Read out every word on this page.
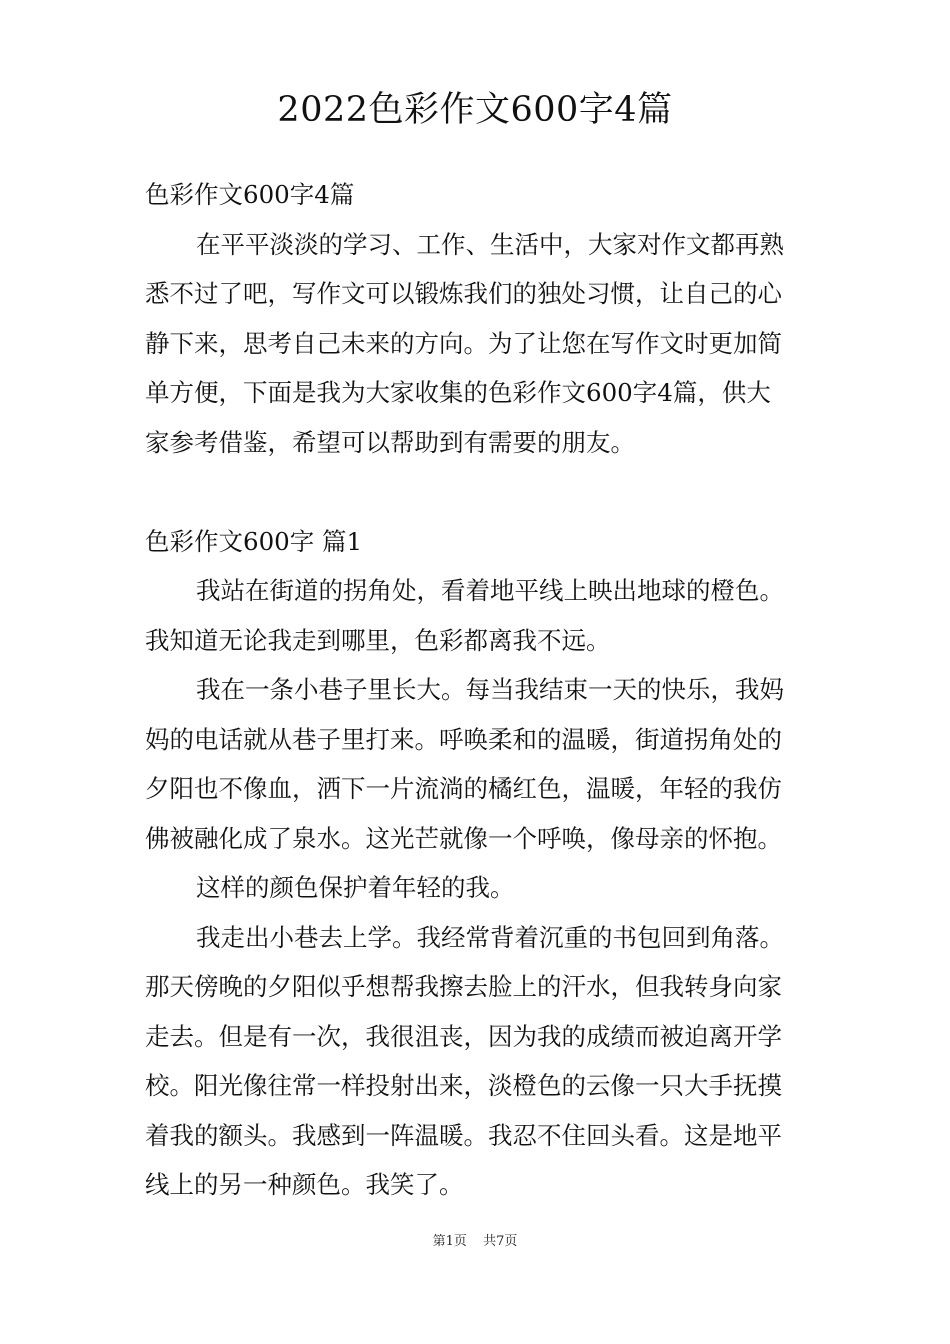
2022色彩作文600字4篇
色彩作文600字4篇
在平平淡淡的学习、工作、生活中，大家对作文都再熟
悉不过了吧，写作文可以锻炼我们的独处习惯，让自己的心
静下来，思考自己未来的方向。为了让您在写作文时更加简
单方便，下面是我为大家收集的色彩作文600字4篇，供大
家参考借鉴，希望可以帮助到有需要的朋友。
色彩作文600字 篇1
我站在街道的拐角处，看着地平线上映出地球的橙色。
我知道无论我走到哪里，色彩都离我不远。
我在一条小巷子里长大。每当我结束一天的快乐，我妈
妈的电话就从巷子里打来。呼唤柔和的温暖，街道拐角处的
夕阳也不像血，洒下一片流淌的橘红色，温暖，年轻的我仿
佛被融化成了泉水。这光芒就像一个呼唤，像母亲的怀抱。
这样的颜色保护着年轻的我。
我走出小巷去上学。我经常背着沉重的书包回到角落。
那天傍晚的夕阳似乎想帮我擦去脸上的汗水，但我转身向家
走去。但是有一次，我很沮丧，因为我的成绩而被迫离开学
校。阳光像往常一样投射出来，淡橙色的云像一只大手抚摸
着我的额头。我感到一阵温暖。我忍不住回头看。这是地平
线上的另一种颜色。我笑了。
第1页 共7页
